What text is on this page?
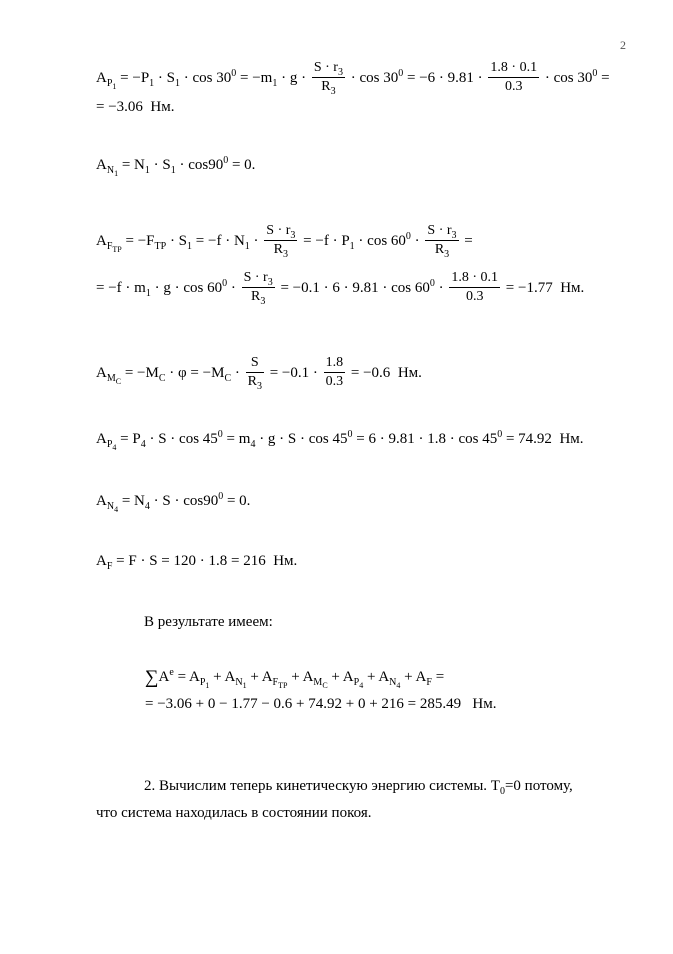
2
$A_{P_1} = -P_1 \cdot S_1 \cdot \cos 30^0 = -m_1 \cdot g \cdot \frac{S \cdot r_3}{R_3} \cdot \cos 30^0 = -6 \cdot 9.81 \cdot \frac{1.8 \cdot 0.1}{0.3} \cdot \cos 30^0$ =
= −3.06  Нм.
$A_{N_1} = N_1 \cdot S_1 \cdot \cos 90^0 = 0$.
$A_{F_{TP}} = -F_{TP} \cdot S_1 = -f \cdot N_1 \cdot \frac{S \cdot r_3}{R_3} = -f \cdot P_1 \cdot \cos 60^0 \cdot \frac{S \cdot r_3}{R_3}$ =
= $-f \cdot m_1 \cdot g \cdot \cos 60^0 \cdot \frac{S \cdot r_3}{R_3} = -0.1 \cdot 6 \cdot 9.81 \cdot \cos 60^0 \cdot \frac{1.8 \cdot 0.1}{0.3} = -1.77$  Нм.
$A_{M_C} = -M_C \cdot \varphi = -M_C \cdot \frac{S}{R_3} = -0.1 \cdot \frac{1.8}{0.3} = -0.6$  Нм.
$A_{P_4} = P_4 \cdot S \cdot \cos 45^0 = m_4 \cdot g \cdot S \cdot \cos 45^0 = 6 \cdot 9.81 \cdot 1.8 \cdot \cos 45^0 = 74.92$  Нм.
$A_{N_4} = N_4 \cdot S \cdot \cos 90^0 = 0$.
$A_F = F \cdot S = 120 \cdot 1.8 = 216$  Нм.
В результате имеем:
$\sum A^e = A_{P_1} + A_{N_1} + A_{F_{TP}} + A_{M_C} + A_{P_4} + A_{N_4} + A_F$ =
= −3.06 + 0 − 1.77 − 0.6 + 74.92 + 0 + 216 = 285.49   Нм.
2. Вычислим теперь кинетическую энергию системы. $T_0=0$ потому,
что система находилась в состоянии покоя.
